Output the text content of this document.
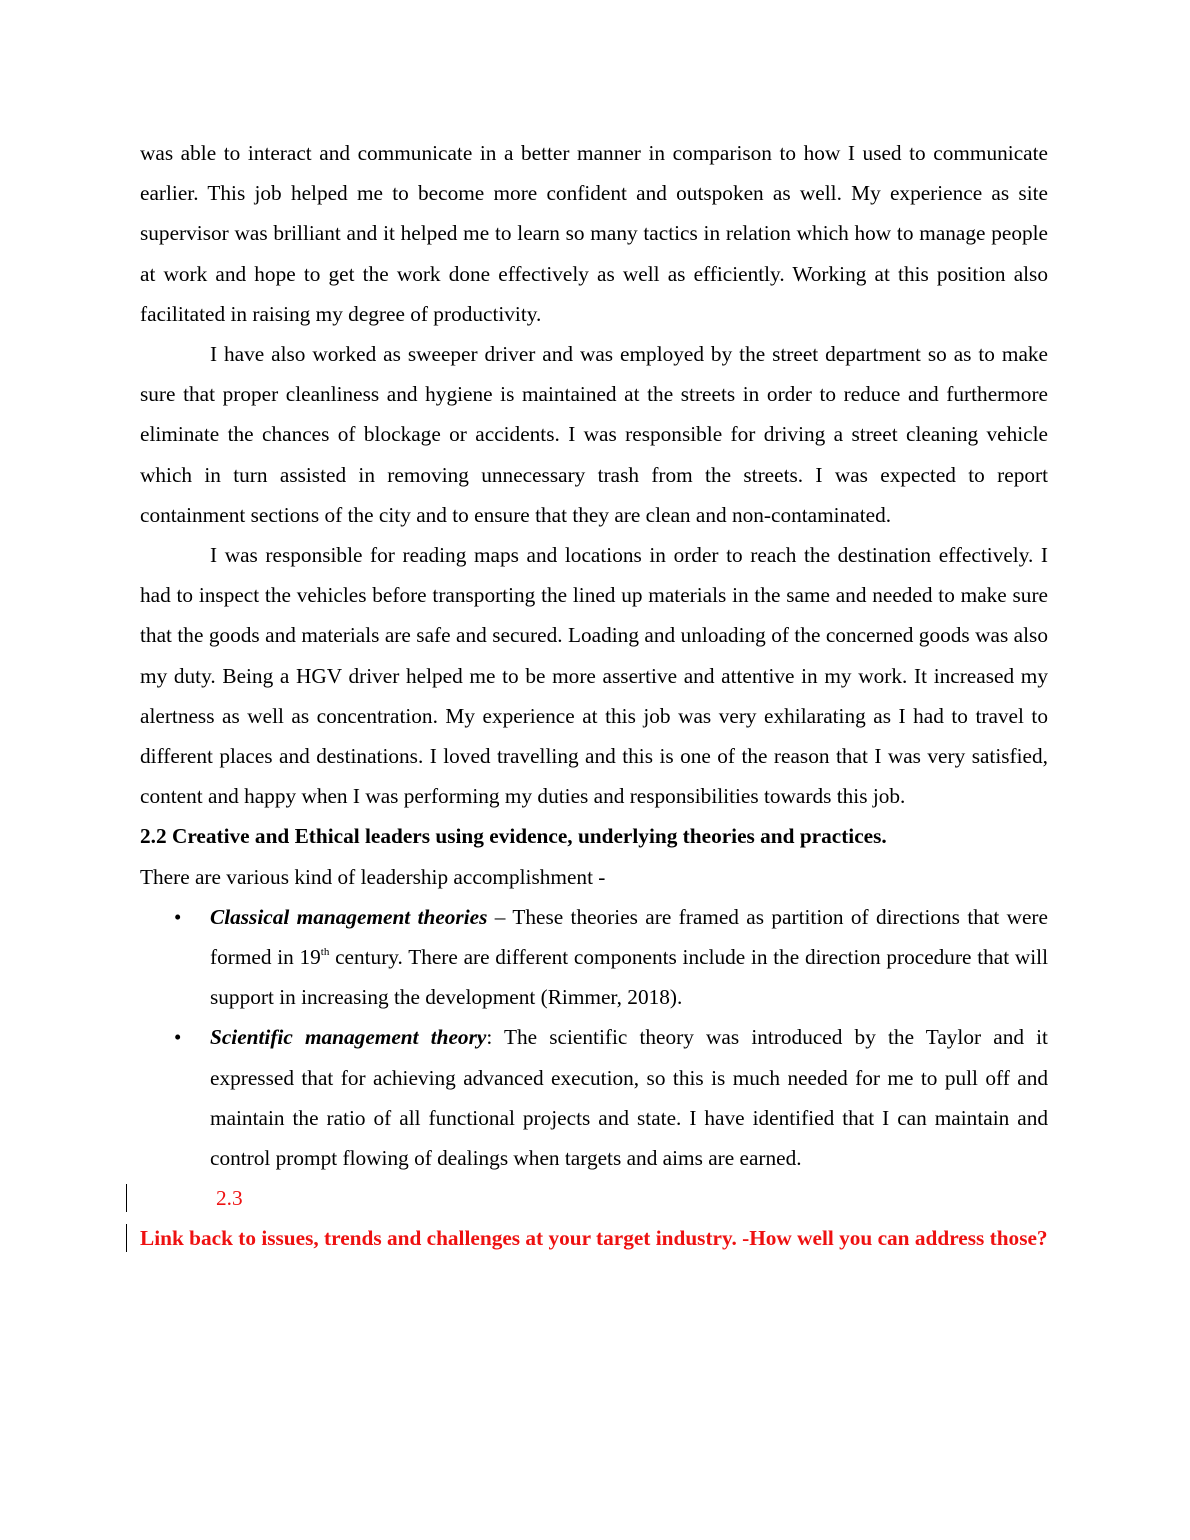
was able to interact and communicate in a better manner in comparison to how I used to communicate earlier. This job helped me to become more confident and outspoken as well. My experience as site supervisor was brilliant and it helped me to learn so many tactics in relation which how to manage people at work and hope to get the work done effectively as well as efficiently. Working at this position also facilitated in raising my degree of productivity.

I have also worked as sweeper driver and was employed by the street department so as to make sure that proper cleanliness and hygiene is maintained at the streets in order to reduce and furthermore eliminate the chances of blockage or accidents. I was responsible for driving a street cleaning vehicle which in turn assisted in removing unnecessary trash from the streets. I was expected to report containment sections of the city and to ensure that they are clean and non-contaminated.

I was responsible for reading maps and locations in order to reach the destination effectively. I had to inspect the vehicles before transporting the lined up materials in the same and needed to make sure that the goods and materials are safe and secured. Loading and unloading of the concerned goods was also my duty. Being a HGV driver helped me to be more assertive and attentive in my work. It increased my alertness as well as concentration. My experience at this job was very exhilarating as I had to travel to different places and destinations. I loved travelling and this is one of the reason that I was very satisfied, content and happy when I was performing my duties and responsibilities towards this job.

2.2 Creative and Ethical leaders using evidence, underlying theories and practices.

There are various kind of leadership accomplishment -

• Classical management theories – These theories are framed as partition of directions that were formed in 19th century. There are different components include in the direction procedure that will support in increasing the development (Rimmer, 2018).
• Scientific management theory: The scientific theory was introduced by the Taylor and it expressed that for achieving advanced execution, so this is much needed for me to pull off and maintain the ratio of all functional projects and state. I have identified that I can maintain and control prompt flowing of dealings when targets and aims are earned.
2.3

Link back to issues, trends and challenges at your target industry. -How well you can address those?
